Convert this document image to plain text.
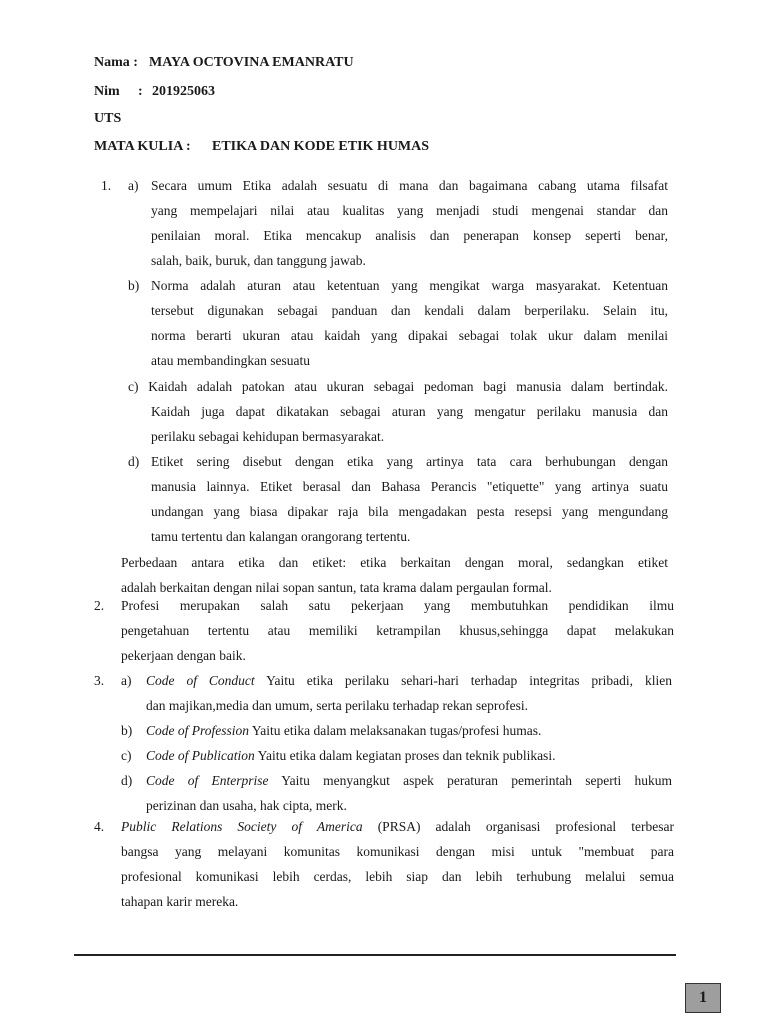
Nama : MAYA OCTOVINA EMANRATU
Nim : 201925063
UTS
MATA KULIA : ETIKA DAN KODE ETIK HUMAS
1. a) Secara umum Etika adalah sesuatu di mana dan bagaimana cabang utama filsafat
yang mempelajari nilai atau kualitas yang menjadi studi mengenai standar dan
penilaian moral. Etika mencakup analisis dan penerapan konsep seperti benar,
salah, baik, buruk, dan tanggung jawab.
b) Norma adalah aturan atau ketentuan yang mengikat warga masyarakat. Ketentuan
tersebut digunakan sebagai panduan dan kendali dalam berperilaku. Selain itu,
norma berarti ukuran atau kaidah yang dipakai sebagai tolak ukur dalam menilai
atau membandingkan sesuatu
c) Kaidah adalah patokan atau ukuran sebagai pedoman bagi manusia dalam bertindak.
Kaidah juga dapat dikatakan sebagai aturan yang mengatur perilaku manusia dan
perilaku sebagai kehidupan bermasyarakat.
d) Etiket sering disebut dengan etika yang artinya tata cara berhubungan dengan
manusia lainnya. Etiket berasal dan Bahasa Perancis "etiquette" yang artinya suatu
undangan yang biasa dipakar raja bila mengadakan pesta resepsi yang mengundang
tamu tertentu dan kalangan orangorang tertentu.
Perbedaan antara etika dan etiket: etika berkaitan dengan moral, sedangkan etiket
adalah berkaitan dengan nilai sopan santun, tata krama dalam pergaulan formal.
2. Profesi merupakan salah satu pekerjaan yang membutuhkan pendidikan ilmu
pengetahuan tertentu atau memiliki ketrampilan khusus,sehingga dapat melakukan
pekerjaan dengan baik.
3. a) Code of Conduct Yaitu etika perilaku sehari-hari terhadap integritas pribadi, klien
dan majikan,media dan umum, serta perilaku terhadap rekan seprofesi.
b) Code of Profession Yaitu etika dalam melaksanakan tugas/profesi humas.
c) Code of Publication Yaitu etika dalam kegiatan proses dan teknik publikasi.
d) Code of Enterprise Yaitu menyangkut aspek peraturan pemerintah seperti hukum
perizinan dan usaha, hak cipta, merk.
4. Public Relations Society of America (PRSA) adalah organisasi profesional terbesar
bangsa yang melayani komunitas komunikasi dengan misi untuk "membuat para
profesional komunikasi lebih cerdas, lebih siap dan lebih terhubung melalui semua
tahapan karir mereka.
1
